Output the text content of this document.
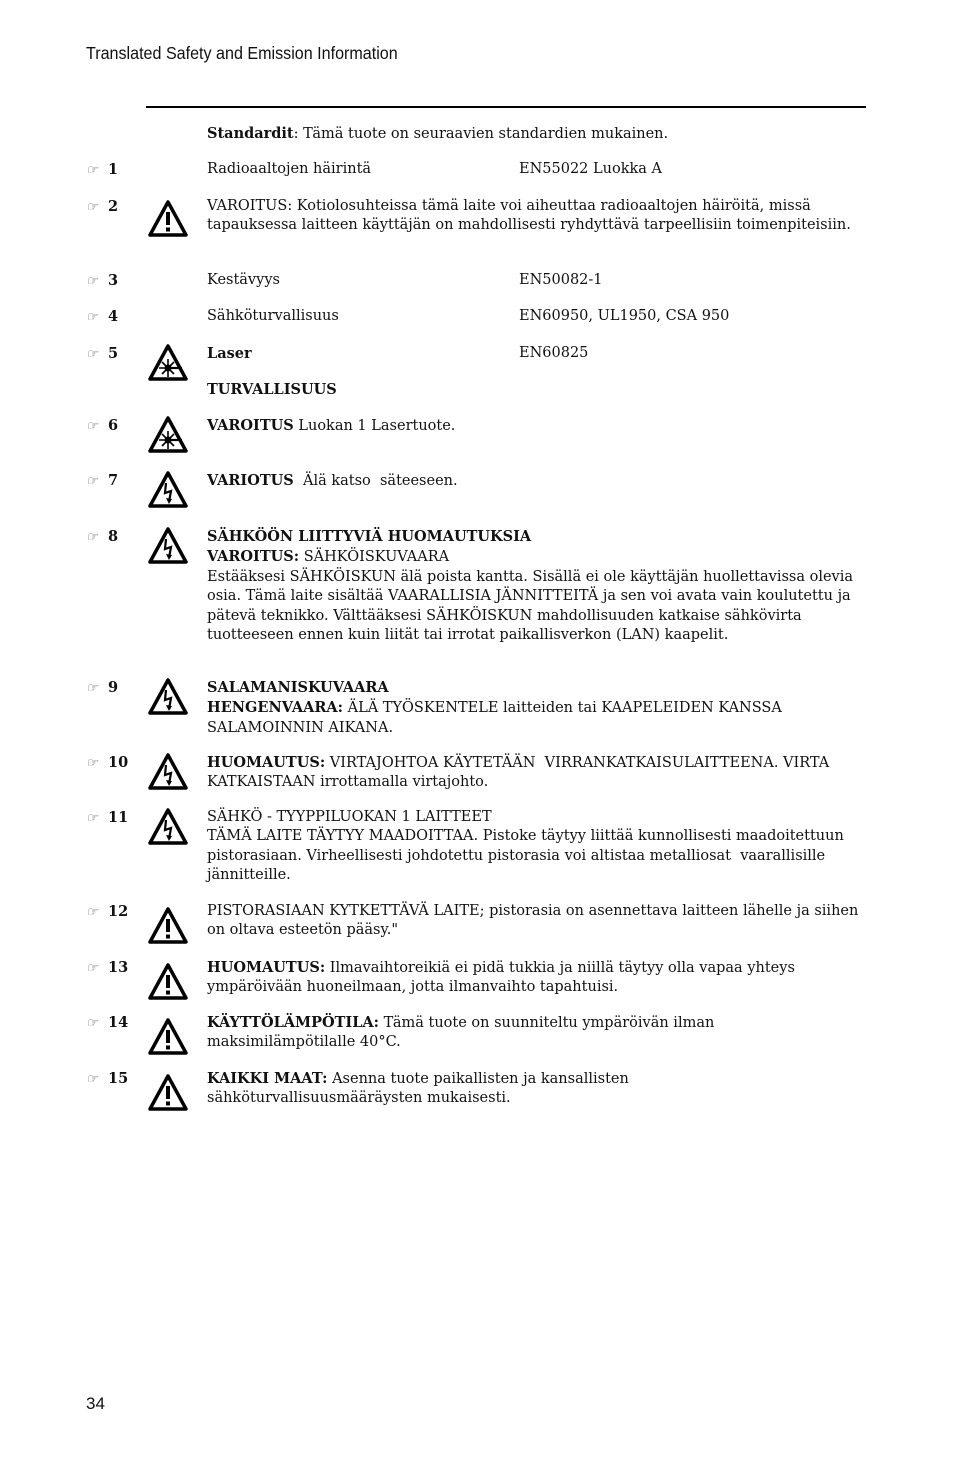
Translated Safety and Emission Information
Standardit: Tämä tuote on seuraavien standardien mukainen.
☞ 1	Radioaaltojen häirintä	EN55022 Luokka A
☞ 2	VAROITUS: Kotiolosuhteissa tämä laite voi aiheuttaa radioaaltojen häiröitä, missä tapauksessa laitteen käyttäjän on mahdollisesti ryhdyttävä tarpeellisiin toimenpiteisiin.
☞ 3	Kestävyys	EN50082-1
☞ 4	Sähköturvallisuus	EN60950, UL1950, CSA 950
☞ 5	Laser	EN60825
TURVALLISUUS
☞ 6	VAROITUS Luokan 1 Lasertuote.
☞ 7	VARIOTUS  Älä katso  säteeseen.
☞ 8	SÄHKÖÖN LIITTYVIÄ HUOMAUTUKSIA
VAROITUS: SÄHKÖISKUVAARA
Estääksesi SÄHKÖISKUN älä poista kantta. Sisällä ei ole käyttäjän huollettavissa olevia osia. Tämä laite sisältää VAARALLISIA JÄNNITTEITÄ ja sen voi avata vain koulutettu ja pätevä teknikko. Välttääksesi SÄHKÖISKUN mahdollisuuden katkaise sähkövirta tuotteeseen ennen kuin liität tai irrotat paikallisverkon (LAN) kaapelit.
☞ 9	SALAMANISKUVAARA
HENGENVAARA: ÄLÄ TYÖSKENTELE laitteiden tai KAAPELEIDEN KANSSA SALAMOINNIN AIKANA.
☞ 10	HUOMAUTUS: VIRTAJOHTOA KÄYTETÄÄN  VIRRANKATKAISULAITTEENA. VIRTA KATKAISTAAN irrottamalla virtajohto.
☞ 11	SÄHKÖ - TYYPPILUOKAN 1 LAITTEET
TÄMÄ LAITE TÄYTYY MAADOITTAA. Pistoke täytyy liittää kunnollisesti maadoitettuun pistorasiaan. Virheellisesti johdotettu pistorasia voi altistaa metalliosat  vaarallisille jännitteille.
☞ 12	PISTORASIAAN KYTKETTÄVÄ LAITE; pistorasia on asennettava laitteen lähelle ja siihen on oltava esteetön pääsy."
☞ 13	HUOMAUTUS: Ilmavaihtoreikiä ei pidä tukkia ja niillä täytyy olla vapaa yhteys ympäröivään huoneilmaan, jotta ilmanvaihto tapahtuisi.
☞ 14	KÄYTTÖLÄMPÖTILA: Tämä tuote on suunniteltu ympäröivän ilman maksimilämpötilalle 40°C.
☞ 15	KAIKKI MAAT: Asenna tuote paikallisten ja kansallisten sähköturvallisuusmääräysten mukaisesti.
34
